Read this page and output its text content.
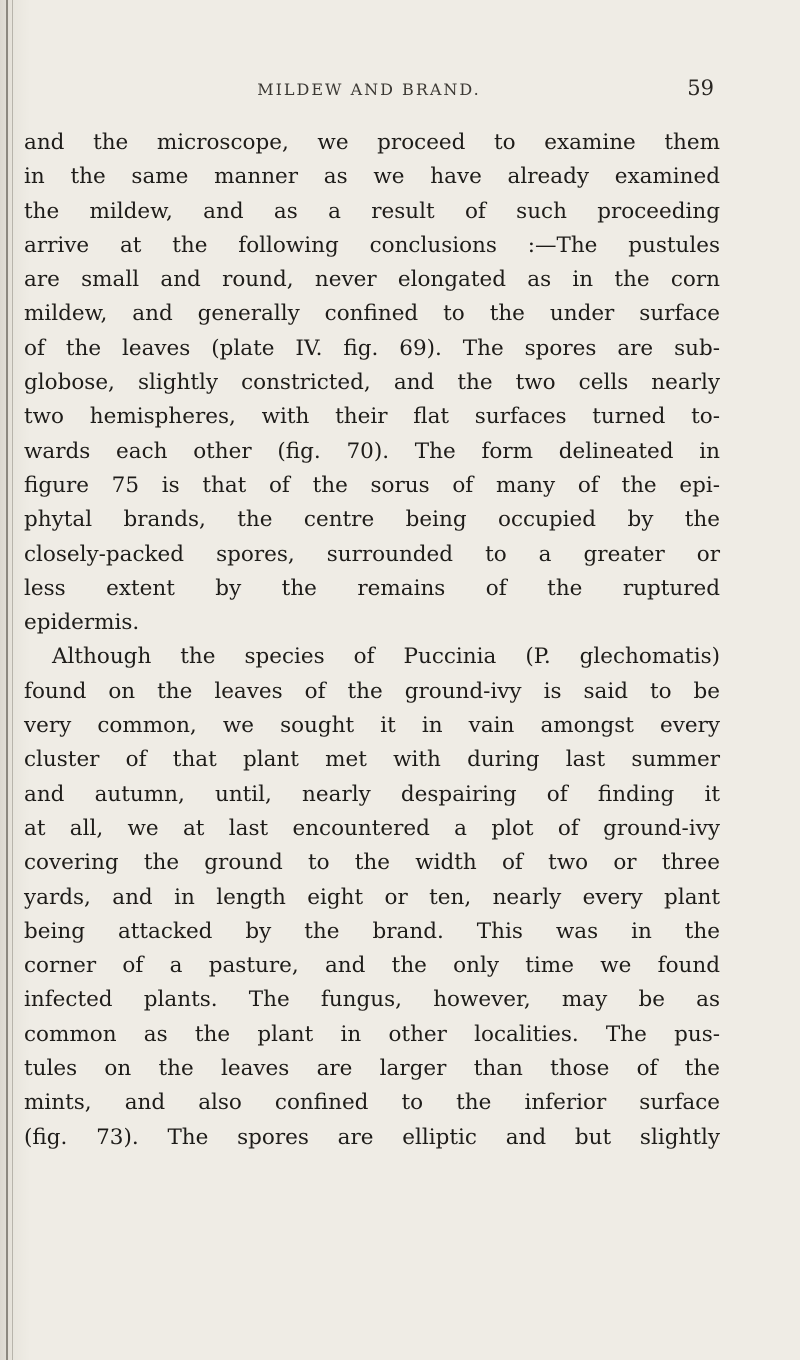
MILDEW AND BRAND.	59
and the microscope, we proceed to examine them
in the same manner as we have already examined
the mildew, and as a result of such proceeding
arrive at the following conclusions :—The pustules
are small and round, never elongated as in the corn
mildew, and generally confined to the under surface
of the leaves (plate IV. fig. 69). The spores are sub-
globose, slightly constricted, and the two cells nearly
two hemispheres, with their flat surfaces turned to-
wards each other (fig. 70). The form delineated in
figure 75 is that of the sorus of many of the epi-
phytal brands, the centre being occupied by the
closely-packed spores, surrounded to a greater or
less extent by the remains of the ruptured
epidermis.
Although the species of Puccinia (P. glechomatis)
found on the leaves of the ground-ivy is said to be
very common, we sought it in vain amongst every
cluster of that plant met with during last summer
and autumn, until, nearly despairing of finding it
at all, we at last encountered a plot of ground-ivy
covering the ground to the width of two or three
yards, and in length eight or ten, nearly every plant
being attacked by the brand. This was in the
corner of a pasture, and the only time we found
infected plants. The fungus, however, may be as
common as the plant in other localities. The pus-
tules on the leaves are larger than those of the
mints, and also confined to the inferior surface
(fig. 73). The spores are elliptic and but slightly
